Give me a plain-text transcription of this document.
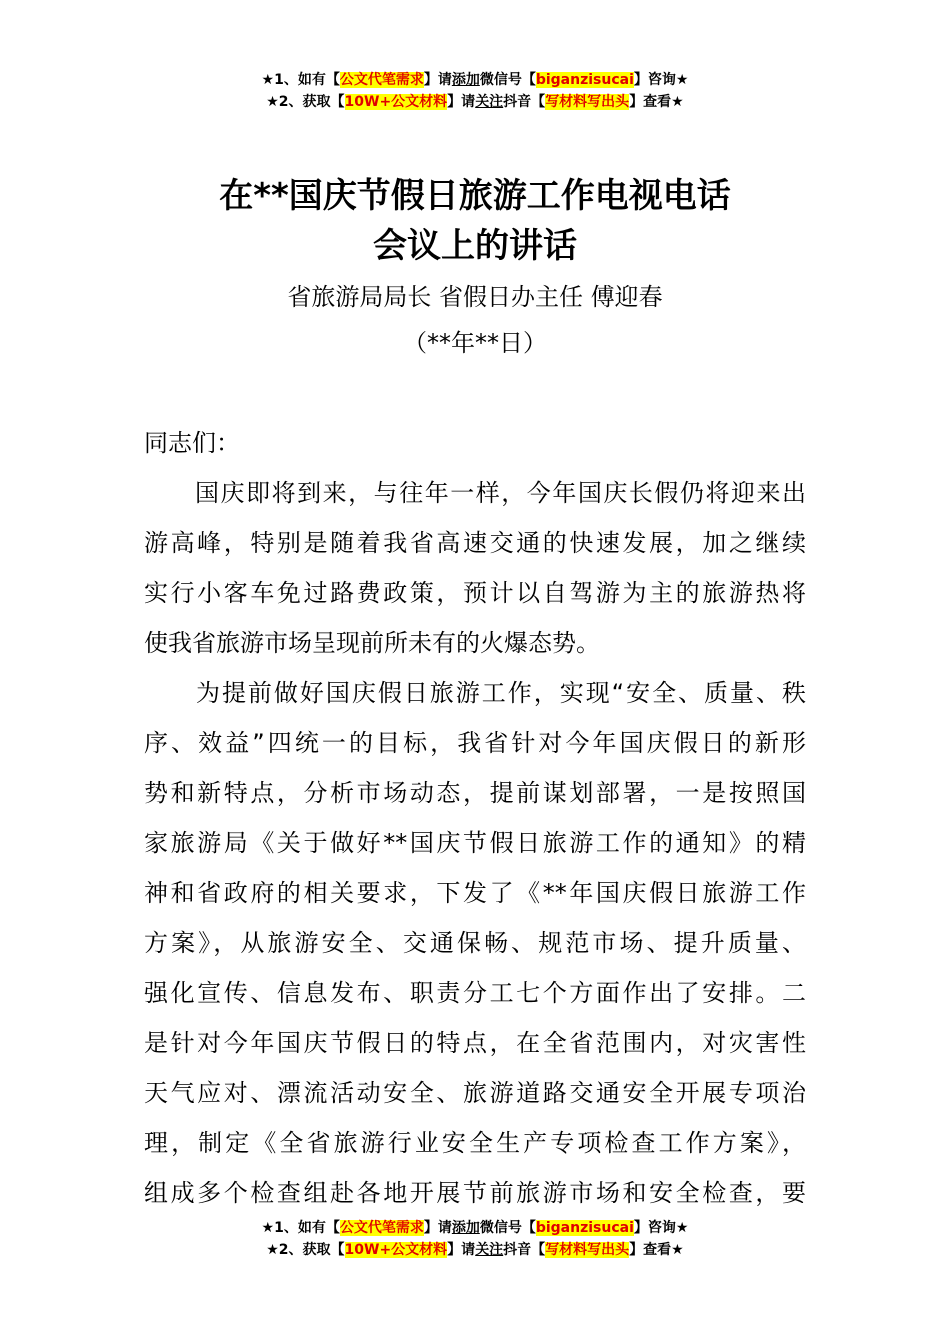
★1、如有【公文代笔需求】请添加微信号【biganzisucai】咨询★
★2、获取【10W+公文材料】请关注抖音【写材料写出头】查看★
在**国庆节假日旅游工作电视电话
会议上的讲话
省旅游局局长 省假日办主任 傅迎春
（**年**日）
同志们：
　　国庆即将到来，与往年一样，今年国庆长假仍将迎来出
游高峰，特别是随着我省高速交通的快速发展，加之继续
实行小客车免过路费政策，预计以自驾游为主的旅游热将
使我省旅游市场呈现前所未有的火爆态势。
　　为提前做好国庆假日旅游工作，实现“安全、质量、秩
序、效益”四统一的目标，我省针对今年国庆假日的新形
势和新特点，分析市场动态，提前谋划部署，一是按照国
家旅游局《关于做好**国庆节假日旅游工作的通知》的精
神和省政府的相关要求，下发了《**年国庆假日旅游工作
方案》，从旅游安全、交通保畅、规范市场、提升质量、
强化宣传、信息发布、职责分工七个方面作出了安排。二
是针对今年国庆节假日的特点，在全省范围内，对灾害性
天气应对、漂流活动安全、旅游道路交通安全开展专项治
理，制定《全省旅游行业安全生产专项检查工作方案》，
组成多个检查组赴各地开展节前旅游市场和安全检查，要
★1、如有【公文代笔需求】请添加微信号【biganzisucai】咨询★
★2、获取【10W+公文材料】请关注抖音【写材料写出头】查看★
